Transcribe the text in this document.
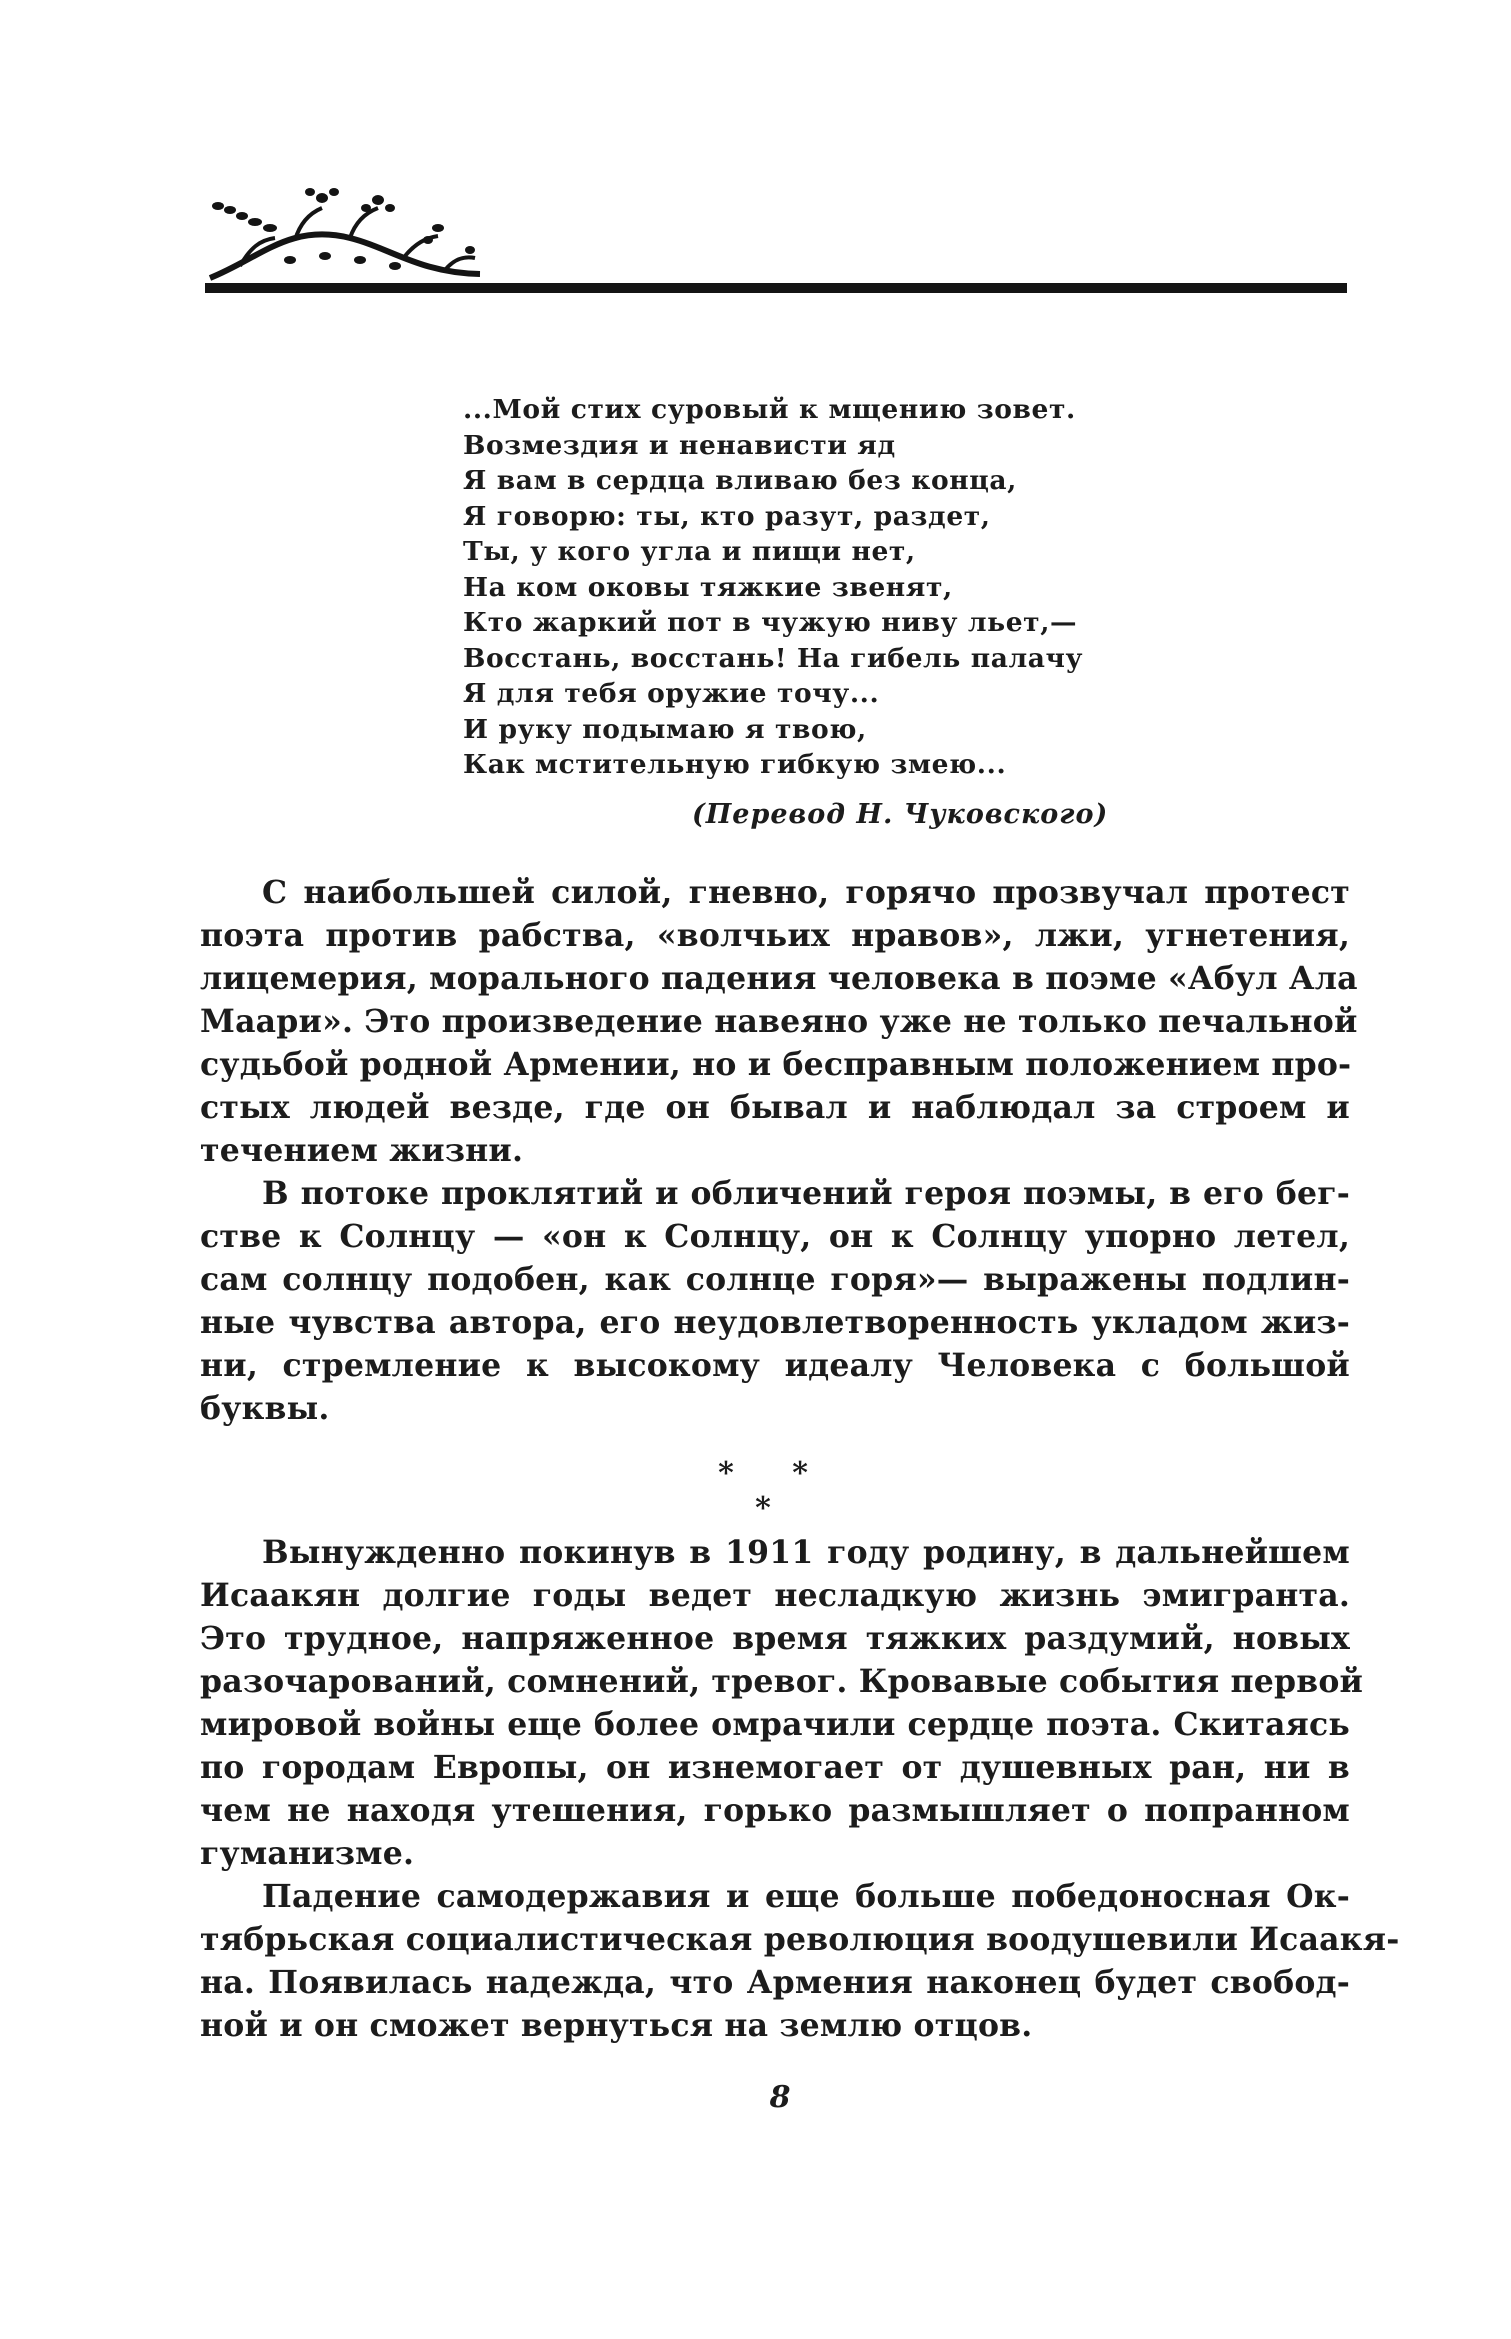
...Мой стих суровый к мщению зовет.
Возмездия и ненависти яд
Я вам в сердца вливаю без конца,
Я говорю: ты, кто разут, раздет,
Ты, у кого угла и пищи нет,
На ком оковы тяжкие звенят,
Кто жаркий пот в чужую ниву льет,—
Восстань, восстань! На гибель палачу
Я для тебя оружие точу...
И руку подымаю я твою,
Как мстительную гибкую змею...
(Перевод Н. Чуковского)
С наибольшей силой, гневно, горячо прозвучал протест
поэта против рабства, «волчьих нравов», лжи, угнетения,
лицемерия, морального падения человека в поэме «Абул Ала
Маари». Это произведение навеяно уже не только печальной
судьбой родной Армении, но и бесправным положением про-
стых людей везде, где он бывал и наблюдал за строем и
течением жизни.
В потоке проклятий и обличений героя поэмы, в его бег-
стве к Солнцу — «он к Солнцу, он к Солнцу упорно летел,
сам солнцу подобен, как солнце горя»— выражены подлин-
ные чувства автора, его неудовлетворенность укладом жиз-
ни, стремление к высокому идеалу Человека с большой
буквы.
* * *
Вынужденно покинув в 1911 году родину, в дальнейшем
Исаакян долгие годы ведет несладкую жизнь эмигранта.
Это трудное, напряженное время тяжких раздумий, новых
разочарований, сомнений, тревог. Кровавые события первой
мировой войны еще более омрачили сердце поэта. Скитаясь
по городам Европы, он изнемогает от душевных ран, ни в
чем не находя утешения, горько размышляет о попранном
гуманизме.
Падение самодержавия и еще больше победоносная Ок-
тябрьская социалистическая революция воодушевили Исаакя-
на. Появилась надежда, что Армения наконец будет свобод-
ной и он сможет вернуться на землю отцов.
8
